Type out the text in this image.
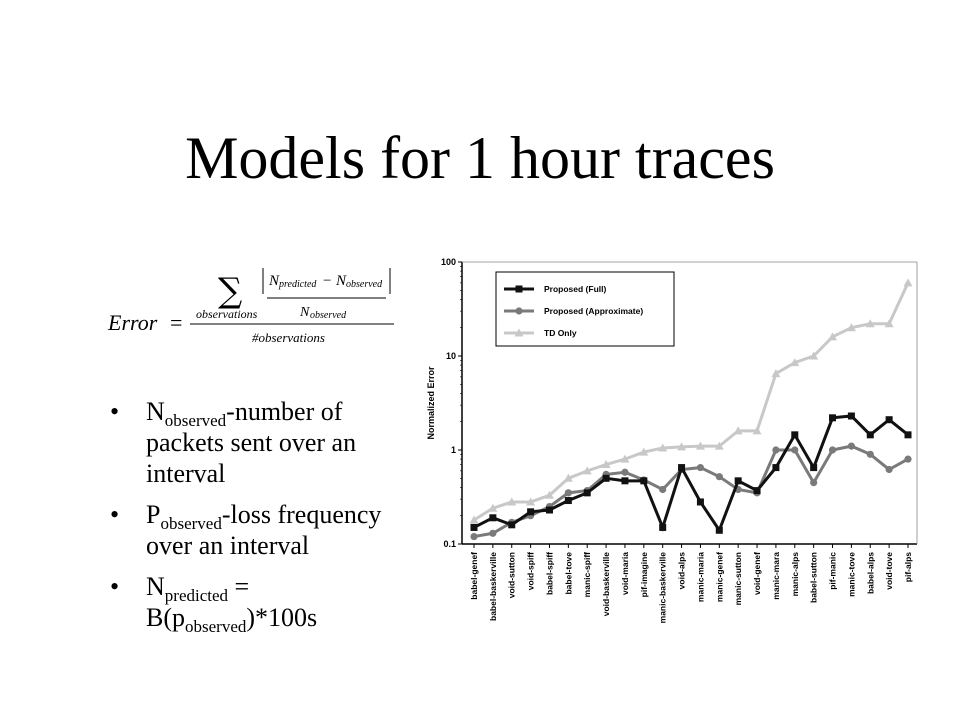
Models for 1 hour traces
Error =
∑
observations
N predicted − N observed
N observed
#observations
• $N_{observed}$-number of packets sent over an interval
• $P_{observed}$-loss frequency over an interval
• $N_{predicted} = B(p_{observed})*100s$
100
10
1
0.1
Normalized Error
babel-genef babel-baskerville void-sutton void-spiff babel-spiff babel-tove manic-spiff void-baskerville void-maria pif-imagine manic-baskerville void-alps manic-maria manic-genef manic-sutton void-genef manic-mara manic-alps babel-sutton pif-manic manic-tove babel-alps void-tove pif-alps
Proposed (Full)
Proposed (Approximate)
TD Only
